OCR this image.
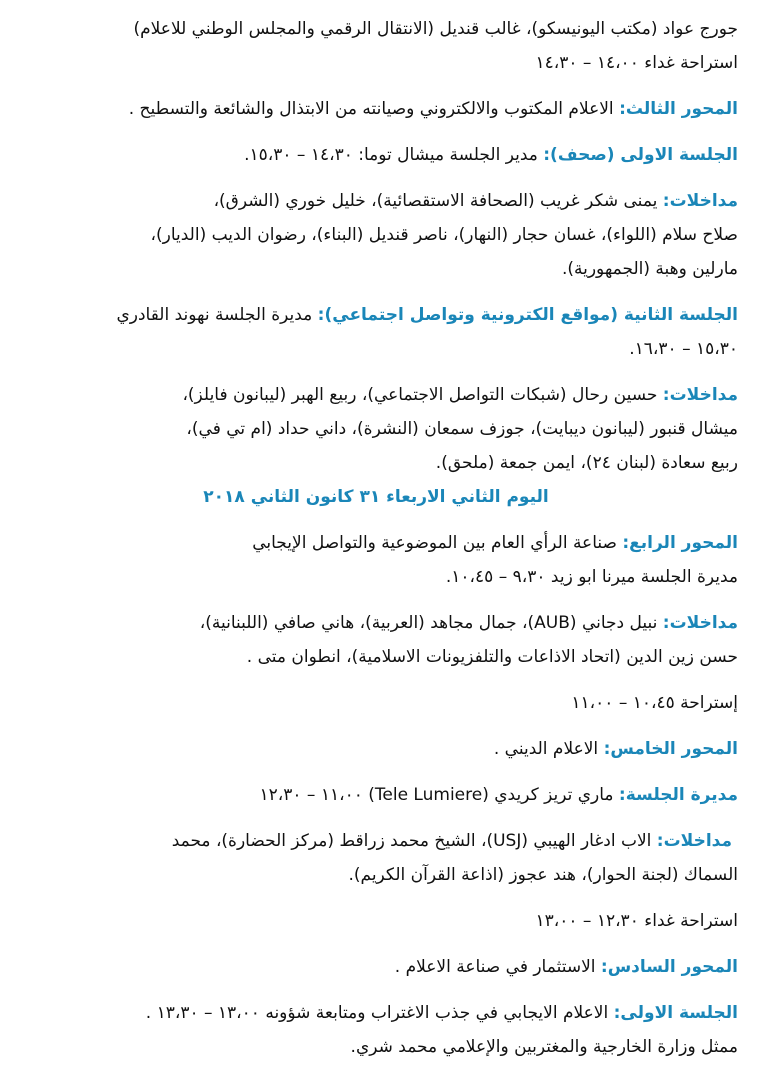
جورج عواد (مكتب اليونيسكو)، غالب قنديل (الانتقال الرقمي والمجلس الوطني للاعلام)
استراحة غداء ١٤،٠٠ – ١٤،٣٠
المحور الثالث: الاعلام المكتوب والالكتروني وصيانته من الابتذال والشائعة والتسطيح .
الجلسة الاولى (صحف): مدير الجلسة ميشال توما: ١٤،٣٠ – ١٥،٣٠.
مداخلات: يمنى شكر غريب (الصحافة الاستقصائية)، خليل خوري (الشرق)،
صلاح سلام (اللواء)، غسان حجار (النهار)، ناصر قنديل (البناء)، رضوان الديب (الديار)،
مارلين وهبة (الجمهورية).
الجلسة الثانية (مواقع الكترونية وتواصل اجتماعي): مديرة الجلسة نهوند القادري
١٥،٣٠ – ١٦،٣٠.
مداخلات: حسين رحال (شبكات التواصل الاجتماعي)، ربيع الهبر (ليبانون فايلز)،
ميشال قنبور (ليبانون ديبايت)، جوزف سمعان (النشرة)، داني حداد (ام تي في)،
ربيع سعادة (لبنان ٢٤)، ايمن جمعة (ملحق).
اليوم الثاني الاربعاء ٣١ كانون الثاني ٢٠١٨
المحور الرابع: صناعة الرأي العام بين الموضوعية والتواصل الإيجابي
مديرة الجلسة ميرنا ابو زيد ٩،٣٠ – ١٠،٤٥.
مداخلات: نبيل دجاني (AUB)، جمال مجاهد (العربية)، هاني صافي (اللبنانية)،
حسن زين الدين (اتحاد الاذاعات والتلفزيونات الاسلامية)، انطوان متى .
إستراحة ١٠،٤٥ – ١١،٠٠
المحور الخامس: الاعلام الديني .
مديرة الجلسة: ماري تريز كريدي (Tele Lumiere) ١١،٠٠ – ١٢،٣٠
مداخلات: الاب ادغار الهيبي (USJ)، الشيخ محمد زراقط (مركز الحضارة)، محمد
السماك (لجنة الحوار)، هند عجوز (اذاعة القرآن الكريم).
استراحة غداء ١٢،٣٠ – ١٣،٠٠
المحور السادس: الاستثمار في صناعة الاعلام .
الجلسة الاولى: الاعلام الايجابي في جذب الاغتراب ومتابعة شؤونه ١٣،٠٠ – ١٣،٣٠ .
ممثل وزارة الخارجية والمغتربين والإعلامي محمد شري.
